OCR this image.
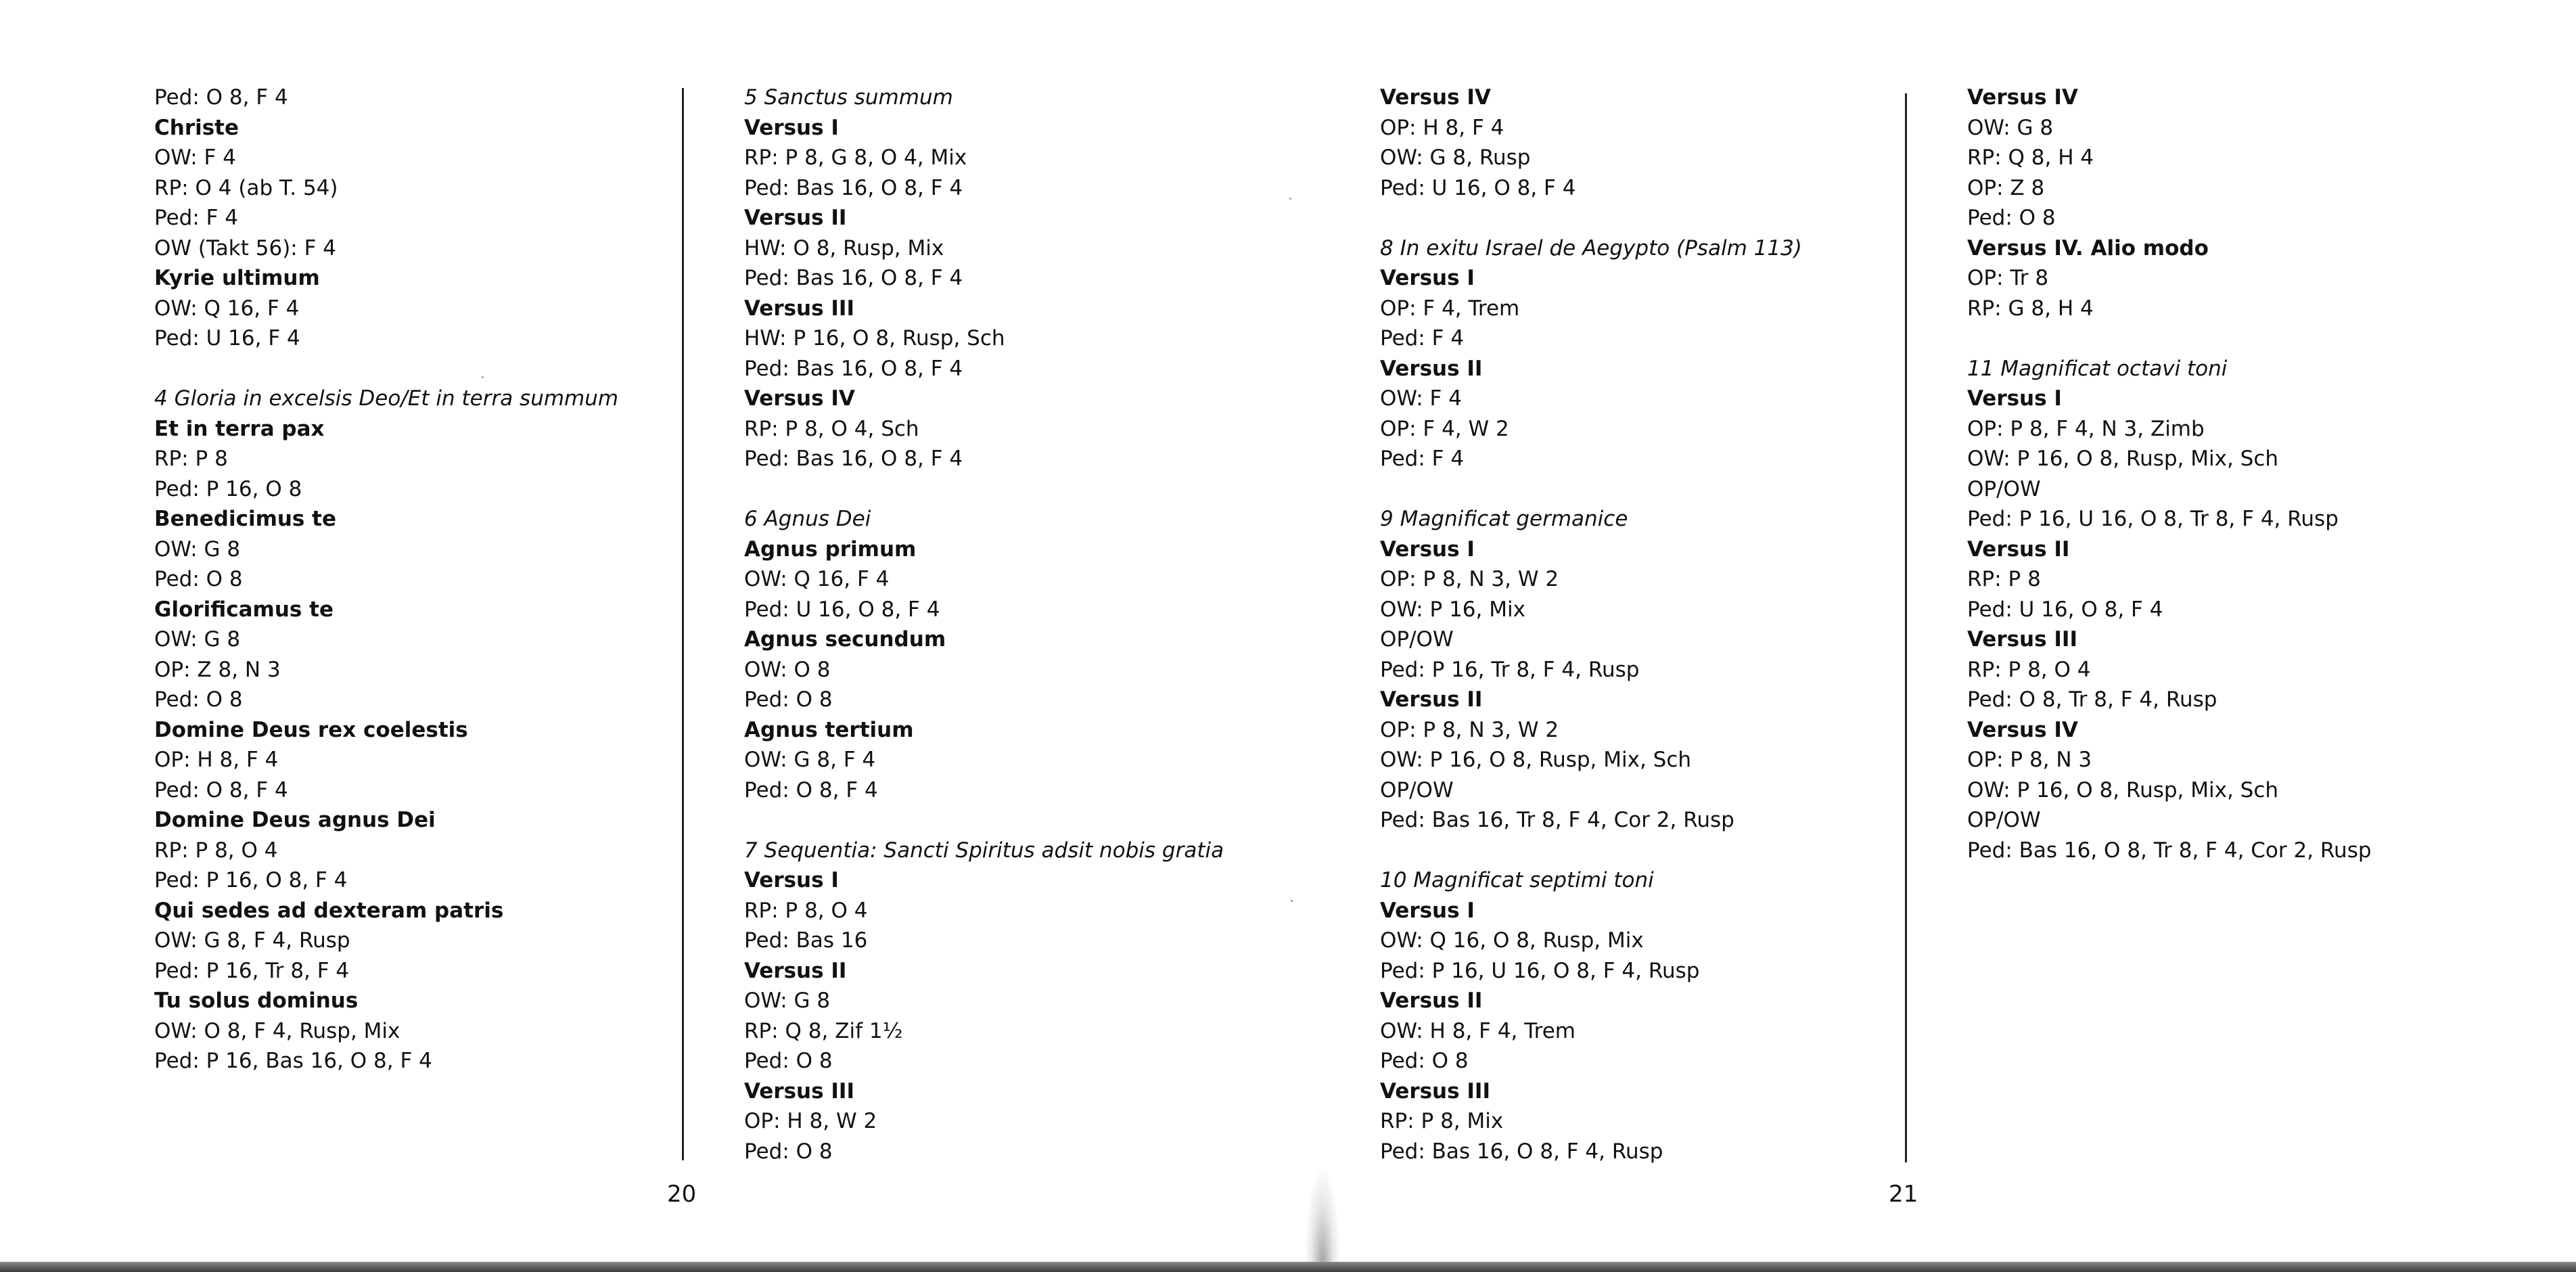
Ped: O 8, F 4
Christe
OW: F 4
RP: O 4 (ab T. 54)
Ped: F 4
OW (Takt 56): F 4
Kyrie ultimum
OW: Q 16, F 4
Ped: U 16, F 4
4 Gloria in excelsis Deo/Et in terra summum
Et in terra pax
RP: P 8
Ped: P 16, O 8
Benedicimus te
OW: G 8
Ped: O 8
Glorificamus te
OW: G 8
OP: Z 8, N 3
Ped: O 8
Domine Deus rex coelestis
OP: H 8, F 4
Ped: O 8, F 4
Domine Deus agnus Dei
RP: P 8, O 4
Ped: P 16, O 8, F 4
Qui sedes ad dexteram patris
OW: G 8, F 4, Rusp
Ped: P 16, Tr 8, F 4
Tu solus dominus
OW: O 8, F 4, Rusp, Mix
Ped: P 16, Bas 16, O 8, F 4
5 Sanctus summum
Versus I
RP: P 8, G 8, O 4, Mix
Ped: Bas 16, O 8, F 4
Versus II
HW: O 8, Rusp, Mix
Ped: Bas 16, O 8, F 4
Versus III
HW: P 16, O 8, Rusp, Sch
Ped: Bas 16, O 8, F 4
Versus IV
RP: P 8, O 4, Sch
Ped: Bas 16, O 8, F 4
6 Agnus Dei
Agnus primum
OW: Q 16, F 4
Ped: U 16, O 8, F 4
Agnus secundum
OW: O 8
Ped: O 8
Agnus tertium
OW: G 8, F 4
Ped: O 8, F 4
7 Sequentia: Sancti Spiritus adsit nobis gratia
Versus I
RP: P 8, O 4
Ped: Bas 16
Versus II
OW: G 8
RP: Q 8, Zif 1½
Ped: O 8
Versus III
OP: H 8, W 2
Ped: O 8
20
Versus IV
OP: H 8, F 4
OW: G 8, Rusp
Ped: U 16, O 8, F 4
8 In exitu Israel de Aegypto (Psalm 113)
Versus I
OP: F 4, Trem
Ped: F 4
Versus II
OW: F 4
OP: F 4, W 2
Ped: F 4
9 Magnificat germanice
Versus I
OP: P 8, N 3, W 2
OW: P 16, Mix
OP/OW
Ped: P 16, Tr 8, F 4, Rusp
Versus II
OP: P 8, N 3, W 2
OW: P 16, O 8, Rusp, Mix, Sch
OP/OW
Ped: Bas 16, Tr 8, F 4, Cor 2, Rusp
10 Magnificat septimi toni
Versus I
OW: Q 16, O 8, Rusp, Mix
Ped: P 16, U 16, O 8, F 4, Rusp
Versus II
OW: H 8, F 4, Trem
Ped: O 8
Versus III
RP: P 8, Mix
Ped: Bas 16, O 8, F 4, Rusp
Versus IV
OW: G 8
RP: Q 8, H 4
OP: Z 8
Ped: O 8
Versus IV. Alio modo
OP: Tr 8
RP: G 8, H 4
11 Magnificat octavi toni
Versus I
OP: P 8, F 4, N 3, Zimb
OW: P 16, O 8, Rusp, Mix, Sch
OP/OW
Ped: P 16, U 16, O 8, Tr 8, F 4, Rusp
Versus II
RP: P 8
Ped: U 16, O 8, F 4
Versus III
RP: P 8, O 4
Ped: O 8, Tr 8, F 4, Rusp
Versus IV
OP: P 8, N 3
OW: P 16, O 8, Rusp, Mix, Sch
OP/OW
Ped: Bas 16, O 8, Tr 8, F 4, Cor 2, Rusp
21
